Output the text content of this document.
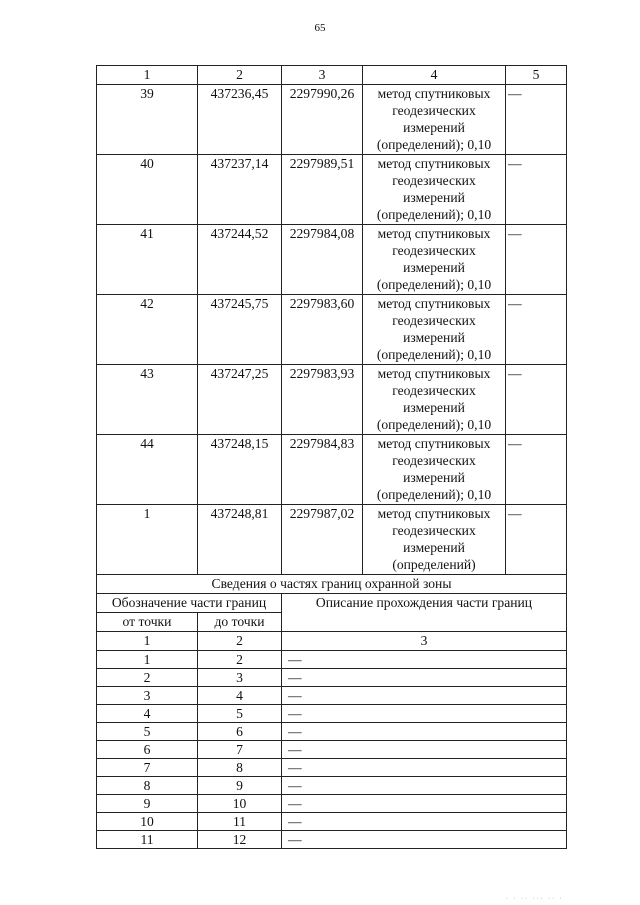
65
1	2	3	4	5
39	437236,45	2297990,26	метод спутниковых
геодезических
измерений
(определений); 0,10	—
40	437237,14	2297989,51	метод спутниковых
геодезических
измерений
(определений); 0,10	—
41	437244,52	2297984,08	метод спутниковых
геодезических
измерений
(определений); 0,10	—
42	437245,75	2297983,60	метод спутниковых
геодезических
измерений
(определений); 0,10	—
43	437247,25	2297983,93	метод спутниковых
геодезических
измерений
(определений); 0,10	—
44	437248,15	2297984,83	метод спутниковых
геодезических
измерений
(определений); 0,10	—
1	437248,81	2297987,02	метод спутниковых
геодезических
измерений
(определений)	—
Сведения о частях границ охранной зоны				
Обозначение части границ		Описание прохождения части границ		
от точки	до точки			
1	2	3		
1	2	—		
2	3	—		
3	4	—		
4	5	—		
5	6	—		
6	7	—		
7	8	—		
8	9	—		
9	10	—		
10	11	—		
11	12	—		
· · ·· ··· ·· ·
